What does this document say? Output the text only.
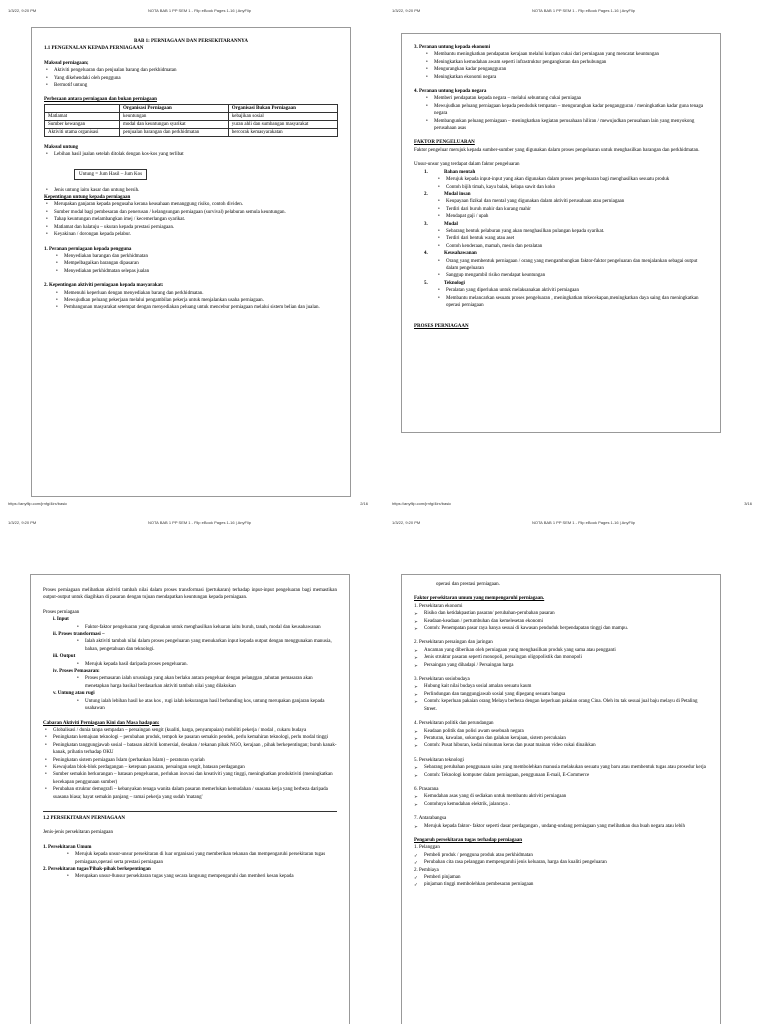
1/3/22, 9:20 PM	NOTA BAB 1 PP SEM 1 - Flip eBook Pages 1-16 | AnyFlip
BAB 1: PERNIAGAAN DAN PERSEKITARANNYA
1.1 PENGENALAN KEPADA PERNIAGAAN
Maksud perniagaan;
• Aktiviti pengeluaran dan penjualan barang dan perkhidmatan
• Yang dikehendaki oleh pengguna
• Bermotif untung
Perbezaan antara perniagaan dan bukan perniagaan
	Organisasi Perniagaan	Organisasi Bukan Perniagaan
Matlamat	keuntungan	kebajikan sosial
Sumber kewangan	modal dan keuntungan syarikat	yuran ahli dan sumbangan masyarakat
Aktiviti utama organisasi	penjualan barangan dan perkhidmatan	bercorak kemasyarakatan
Maksud untung
• Lebihan hasil jualan setelah ditolak dengan kos-kos yang terlibat
Untung = Jum Hasil – Jum Kos
• Jenis untung iaitu kasar dan untung bersih.
Kepentingan untung kepada perniagaan
• Merupakan ganjaran kepada pengusaha kerana keusahaan menanggung risiko, contoh dividen.
• Sumber modal bagi pembesaran dan penerusan / kelangsungan perniagaan (survival) pelaburan semula keuntungan.
• Tahap keuntungan melambangkan imej / kecemerlangan syarikat.
• Matlamat dan halatuju – ukuran kepada prestasi perniagaan.
• Keyakinan / dorongan kepada pelabur.
1. Peranan perniagaan kepada pengguna
• Menyediakan barangan dan perkhidmatan
• Mempelbagaikan barangan dipasaran
• Menyediakan perkhidmatan selepas jualan
2. Kepentingan aktiviti perniagaan kepada masyarakat:
• Memenuhi keperluan dengan menyediakan barang dan perkhidmatan.
• Mewujudkan peluang pekerjaan melalui pengambilan pekerja untuk menjalankan usaha perniagaan.
• Pembangunan masyarakat setempat dengan menyediakan peluang untuk mencebur perniagaan melalui sistem belian dan jualan.
https://anyflip.com/jrnfg/4irx/basic	2/16
1/3/22, 9:20 PM	NOTA BAB 1 PP SEM 1 - Flip eBook Pages 1-16 | AnyFlip
3. Peranan untung kepada ekonomi
• Membantu meningkatkan pendapatan kerajaan melalui kutipan cukai dari perniagaan yang mencatat keuntungan
• Meningkatkan kemudahan awam seperti infrastruktur pengangkutan dan perhubungan
• Mengurangkan kadar pengangguran
• Meningkatkan ekonomi negara
4. Peranan untung kepada negara
• Memberi pendapatan kepada negara – melalui sebuntung cukai perniagaa
• Mewujudkan peluang perniagaan kepada penduduk tempatan – mengurangkan kadar pengangguran / meningkatkan kadar guna tenaga negara
• Membangunkan peluang perniagaan – meningkatkan kegiatan perusahaan hiliran / mewujudkan perusahaan lain yang menyokong perusahaan asas
FAKTOR PENGELUARAN
Faktor pengeluar merujuk kepada sumber-sumber yang digunakan dalam proses pengeluaran untuk menghasilkan barangan dan perkhidmatan.
Unsur-unsur yang terdapat dalam faktor pengeluaran
1.	Bahan mentah
• Merujuk kepada input-input yang akan digunakan dalam proses pengeluaran bagi menghasilkan sesuatu produk
• Contoh bijih timah, kayu balak, kelapa sawit dan koko
2.	Modal insan
• Keupayaan fizikal dan mental yang digunakan dalam aktiviti perusahaan atau perniagaan
• Terdiri dari buruh mahir dan kurang mahir
• Mendapat gaji / upah
3.	Modal
• Sebarang bentuk pelaburan yang akan menghasilkan pulangan kepada syarikat.
• Terdiri dari bentuk wang atau aset
• Contoh kenderaan, mamah, mesin dan peralatan
4.	Keusahawanan
• Orang yang membentuk perniagaan / orang yang mengambungkan faktor-faktor pengeluaran dan menjalankan sebagai output dalam pengeluaran
• Sanggup mengambil risiko mendapat keuntungan
5.	Teknologi
• Peralatan yang diperlukan untuk melaksanakan aktiviti perniagaan
• Membantu melancarkan sesuatu proses pengeluaran , meningkatkan mkecekapan,meningkatkan daya saing dan meningkatkan operasi perniagaan
PROSES PERNIAGAAN
https://anyflip.com/jrnfg/4irx/basic	3/16
1/3/22, 9:20 PM	NOTA BAB 1 PP SEM 1 - Flip eBook Pages 1-16 | AnyFlip
Proses perniagaan melibatkan aktiviti tambah nilai dalam proses transformasi (pertukaran) terhadap input-input pengeluaran bagi memastikan output-output untuk diagihkan di pasaran dengan tujuan mendapatkan keuntungan kepada perniagaan.
Proses perniagaan
i. Input
• Faktor-faktor pengeluaran yang digunakan untuk menghasilkan keluaran iaitu buruh, tanah, modal dan keusahawanan
ii. Proses transformasi –
• Ialah aktiviti tambah nilai dalam proses pengeluaran yang menukarkan input kepada output dengan menggunakan manusia, bahan, pengetahuan dan teknologi.
iii. Output
• Merujuk kepada hasil daripada proses pengeluaran.
iv. Proses Pemasaran:
• Proses pemasaran ialah urusniaga yang akan berlaku antara pengeluar dengan pelanggan ,tahutan pemasaran akan menetapkan harga basikal berdasarkan aktiviti tambah nilai yang dilakukan
v. Untung atau rugi
• Untung ialah lebihan hasil ke atas kos , rugi ialah kekurangan hasil berbanding kos, untung merupakan ganjaran kepada usahawan
Cabaran Aktiviti Perniagaan Kini dan Masa hadapan:
• Globalisasi / dunia tanpa sempadan – persaingan sengit (kualiti, harga, penyampaian) mobiliti pekerja / modal , cukaru budaya
• Peningkatan kemajuan teknologi – perubahan produk, tempoh ke pasaran semakin pendek, perlu kemahiran teknologi, perlu modal tinggi
• Peningkatan tanggungjawab sosial – batasan aktiviti komersial, desakan / tekanan pihak NGO, kerajaan , pihak berkepentingan; buruh kanak-kanak, prihatin terhadap OKU
• Peningkatan sistem perniagaan Islam (perbankan Islam) – peraturan syariah
• Kewujudan blok-blok perdagangan – ketepuan pasaran, persaingan sengit, batasan perdagangan
• Sumber semakin berkurangan – batasan pengeluaran, perlukan inovasi dan kreativiti yang tinggi, meningkatkan produktiviti (meningkatkan kecekapan penggunaan sumber)
• Perubahan struktur demografi – kebanyakan tenaga wanita dalam pasaran memerlukan kemudahan / suasana kerja yang berbeza daripada suasana biasa; hayat semakin panjang – ramai pekerja yang sudah 'matang'
1.2 PERSEKITARAN PERNIAGAAN
Jenis-jenis persekitaran perniagaan
1. Persekitaran Umum
• Merujuk kepada unsur-unsur persekitaran di luar organisasi yang memberikan tekanan dan mempengaruhi persekitaran tugas perniagaan,operasi serta prestasi perniagaan
2. Persekitaran tugas/Pihak-pihak berkepentingan
• Merupakan unsur-0unsur persekitaran tugas yang secara langsung mempengaruhi dan memberi kesan kepada
1/3/22, 9:20 PM	NOTA BAB 1 PP SEM 1 - Flip eBook Pages 1-16 | AnyFlip
operasi dan prestasi perniagaan.
Faktor persekitaran umum yang mempengaruhi perniagaan.
1. Persekitaran ekonomi
➢ Risiko dan ketidakpastian pasaran/ perubahan-perubahan pasaran
➢ Keadaan-keadaan / pertumbuhan dan kemelesetan ekonomi
➢ Contoh: Penempatan pasar raya hanya sesuai di kawasan penduduk berpendapatan tinggi dan mampu.
2. Persekitaran persaingan dan jaringan
➢ Ancaman yang diberikan oleh perniagaan yang menghasilkan produk yang sama atau pengganti
➢ Jenis struktur pasaran seperti monopoli, persaingan oligopolistik dan monopoli
➢ Persaingan yang dihadapi / Persaingan harga
3. Persekitaran sosiobudaya
➢ Hubung kait nilai budaya sosial amalan sesuatu kaum
➢ Perlindungan dan tanggungjawab sosial yang dipegang sesuatu bangsa
➢ Contoh: keperluan pakaian orang Melayu berbeza dengan keperluan pakaian orang Cina. Oleh itu tak sesuai jual baju melayu di Petaling Street.
4. Persekitaran politik dan perundangan
➢ Keadaan politik dan polisi awam sesebuah negara
➢ Peraturan, kawalan, sokongan dan galakan kerajaan, sistem percukaian
➢ Contoh: Pusat hiburan, kedai minuman keras dan pusat mainan video cukai dinaikkan
5. Persekitaran teknologi
➢ Sebarang perubahan penggunaan sains yang membolehkan manusia melakukan sesuatu yang baru atau membentuk tugas atau prosedur kerja
➢ Contoh: Teknologi komputer dalam perniagaan, penggunaan E-mail, E-Commerce
6. Prasarana
➢ Kemudahan asas yang di sediakan untuk membantu aktiviti perniagaan
➢ Contohnya kemudahan elektrik, jalanraya .
7. Antarabangsa
➢ Merujuk kepada faktor- faktor seperti dasar perdagangan , undang-undang perniagaan yang melibatkan dua buah negara atau lebih
Pengaruh persekitaran tugas terhadap perniagaan
1. Pelanggan
✓ Pembeli produk / pengguna produk atau perkhidmatan
✓ Perubahan cita rasa pelanggan mempengaruhi jenis keluaran, harga dan kualiti pengeluaran
2. Pembiaya
✓ Pemberi pinjaman
✓ pinjaman tinggi membolehkan pembesaran perniagaan
